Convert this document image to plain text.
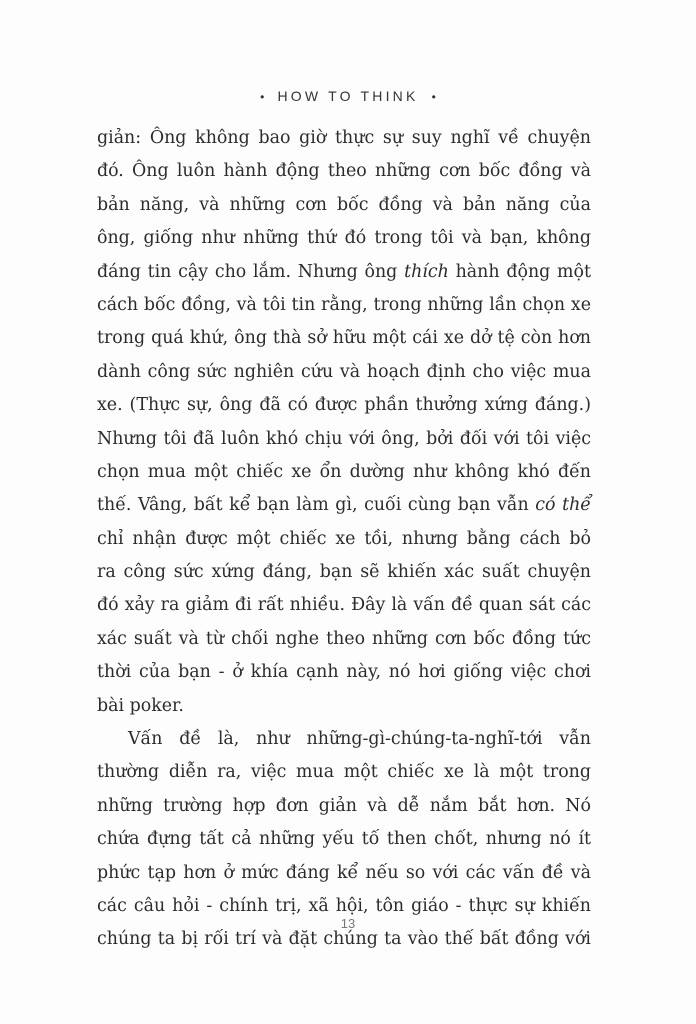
• HOW TO THINK •
giản: Ông không bao giờ thực sự suy nghĩ về chuyện
đó. Ông luôn hành động theo những cơn bốc đồng và
bản năng, và những cơn bốc đồng và bản năng của
ông, giống như những thứ đó trong tôi và bạn, không
đáng tin cậy cho lắm. Nhưng ông thích hành động một
cách bốc đồng, và tôi tin rằng, trong những lần chọn xe
trong quá khứ, ông thà sở hữu một cái xe dở tệ còn hơn
dành công sức nghiên cứu và hoạch định cho việc mua
xe. (Thực sự, ông đã có được phần thưởng xứng đáng.)
Nhưng tôi đã luôn khó chịu với ông, bởi đối với tôi việc
chọn mua một chiếc xe ổn dường như không khó đến
thế. Vâng, bất kể bạn làm gì, cuối cùng bạn vẫn có thể
chỉ nhận được một chiếc xe tồi, nhưng bằng cách bỏ
ra công sức xứng đáng, bạn sẽ khiến xác suất chuyện
đó xảy ra giảm đi rất nhiều. Đây là vấn đề quan sát các
xác suất và từ chối nghe theo những cơn bốc đồng tức
thời của bạn - ở khía cạnh này, nó hơi giống việc chơi
bài poker.
Vấn đề là, như những-gì-chúng-ta-nghĩ-tới vẫn
thường diễn ra, việc mua một chiếc xe là một trong
những trường hợp đơn giản và dễ nắm bắt hơn. Nó
chứa đựng tất cả những yếu tố then chốt, nhưng nó ít
phức tạp hơn ở mức đáng kể nếu so với các vấn đề và
các câu hỏi - chính trị, xã hội, tôn giáo - thực sự khiến
chúng ta bị rối trí và đặt chúng ta vào thế bất đồng với
13
